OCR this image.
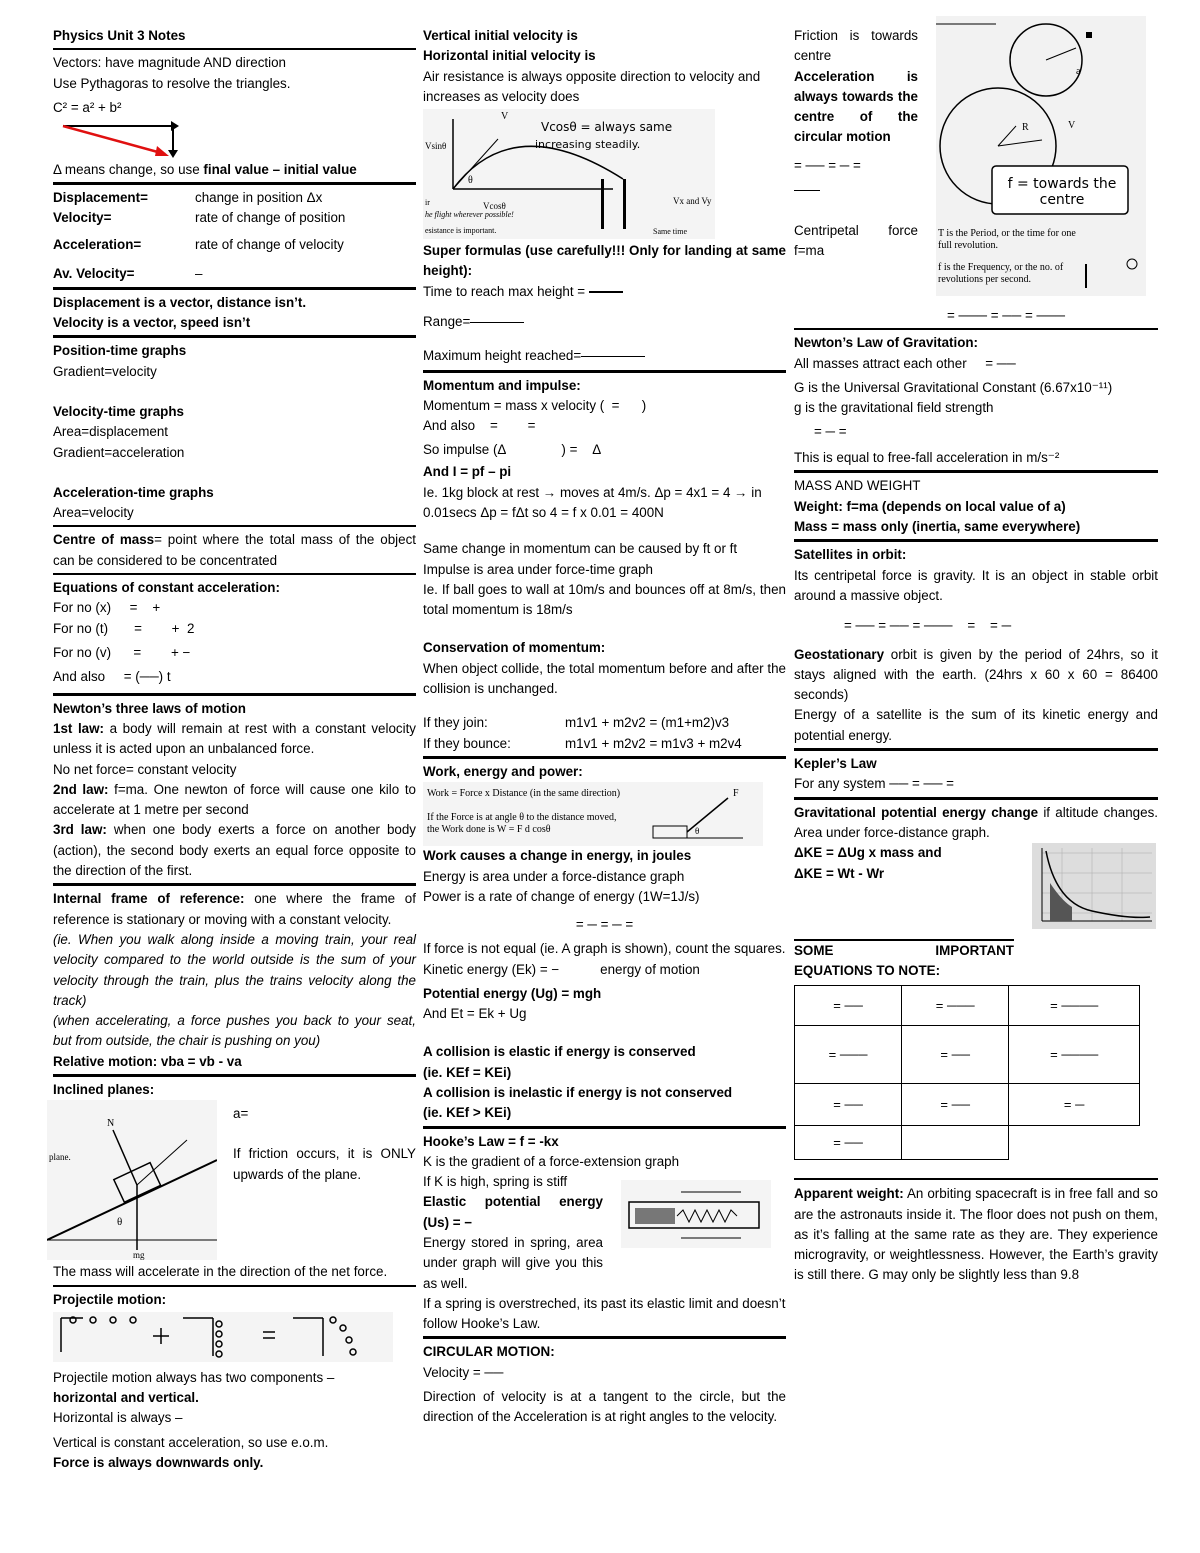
Physics Unit 3 Notes
Vectors: have magnitude AND direction
Use Pythagoras to resolve the triangles.
C² = a² + b²
Δ means change, so use final value – initial value
Displacement=	change in position Δx
Velocity=	rate of change of position
Acceleration=	rate of change of velocity
Av. Velocity=	–
Displacement is a vector, distance isn’t.
Velocity is a vector, speed isn’t
Position-time graphs
Gradient=velocity
Velocity-time graphs
Area=displacement
Gradient=acceleration
Acceleration-time graphs
Area=velocity
Centre of mass= point where the total mass of the object can be considered to be concentrated
Equations of constant acceleration:
For no (x)     =    +
For no (t)       =        +  2
For no (v)      =        + −
And also     = (──) t
Newton’s three laws of motion
1st law: a body will remain at rest with a constant velocity unless it is acted upon an unbalanced force.
No net force= constant velocity
2nd law: f=ma. One newton of force will cause one kilo to accelerate at 1 metre per second
3rd law: when one body exerts a force on another body (action), the second body exerts an equal force opposite to the direction of the first.
Internal frame of reference: one where the frame of reference is stationary or moving with a constant velocity.
(ie. When you walk along inside a moving train, your real velocity compared to the world outside is the sum of your velocity through the train, plus the trains velocity along the track)
(when accelerating, a force pushes you back to your seat, but from outside, the chair is pushing on you)
Relative motion: vba = vb - va
Inclined planes:
N
mg
θ
plane.
a=
If friction occurs, it is ONLY upwards of the plane.
The mass will accelerate in the direction of the net force.
Projectile motion:
Projectile motion always has two components –
horizontal and vertical.
Horizontal is always –
Vertical is constant acceleration, so use e.o.m.
Force is always downwards only.
Vertical initial velocity is
Horizontal initial velocity is
Air resistance is always opposite direction to velocity and increases as velocity does
Vsinθ
Vcosθ
θ
V
ir
he flight wherever possible!
esistance is important.
Vx and Vy
Same time
Vcosθ = always same
increasing steadily.
Super formulas (use carefully!!! Only for landing at same height):
Time to reach max height =
Range=
Maximum height reached=
Momentum and impulse:
Momentum = mass x velocity (  =      )
And also    =        =
So impulse (Δ               ) =    Δ
And I = pf – pi
Ie. 1kg block at rest → moves at 4m/s. Δp = 4x1 = 4 → in 0.01secs Δp = fΔt so 4 = f x 0.01 = 400N
Same change in momentum can be caused by ft or ft
Impulse is area under force-time graph
Ie. If ball goes to wall at 10m/s and bounces off at 8m/s, then total momentum is 18m/s
Conservation of momentum:
When object collide, the total momentum before and after the collision is unchanged.
If they join:	m1v1 + m2v2 = (m1+m2)v3
If they bounce:	m1v1 + m2v2 = m1v3 + m2v4
Work, energy and power:
Work = Force x Distance (in the same direction)
If the Force is at angle θ to the distance moved,
the Work done is W = F d cosθ
F
θ
Work causes a change in energy, in joules
Energy is area under a force-distance graph
Power is a rate of change of energy (1W=1J/s)
= ─ = ─ =
If force is not equal (ie. A graph is shown), count the squares.
Kinetic energy (Ek) = −           energy of motion
Potential energy (Ug) = mgh
And Et = Ek + Ug
A collision is elastic if energy is conserved
(ie. KEf = KEi)
A collision is inelastic if energy is not conserved
(ie. KEf > KEi)
Hooke’s Law = f = -kx
K is the gradient of a force-extension graph
If K is high, spring is stiff
Elastic potential energy (Us) = −
Energy stored in spring, area under graph will give you this as well.
If a spring is overstreched, its past its elastic limit and doesn’t follow Hooke’s Law.
CIRCULAR MOTION:
Velocity = ──
Direction of velocity is at a tangent to the circle, but the direction of the Acceleration is at right angles to the velocity.
Friction is towards centre
Acceleration is always towards the centre of the circular motion
= ── = ─ =
Centripetal force f=ma
a
R	V
f = towards the centre
T is the Period, or the time for one full revolution.
f is the Frequency, or the no. of revolutions per second.
= ─── = ── = ───
Newton’s Law of Gravitation:
All masses attract each other     = ──
G is the Universal Gravitational Constant (6.67x10⁻¹¹)
g is the gravitational field strength
= ─ =
This is equal to free-fall acceleration in m/s⁻²
MASS AND WEIGHT
Weight: f=ma (depends on local value of a)
Mass = mass only (inertia, same everywhere)
Satellites in orbit:
Its centripetal force is gravity. It is an object in stable orbit around a massive object.
= ── = ── = ───    =    = ─
Geostationary orbit is given by the period of 24hrs, so it stays aligned with the earth. (24hrs x 60 x 60 = 86400 seconds)
Energy of a satellite is the sum of its kinetic energy and potential energy.
Kepler’s Law
For any system ── = ── =
Gravitational potential energy change if altitude changes. Area under force-distance graph.
ΔKE = ΔUg x mass and
ΔKE = Wt - Wr
SOME	IMPORTANT
EQUATIONS TO NOTE:
= ──	= ───	= ────
= ───	= ──	= ────
= ──	= ──	= ─
= ──		
Apparent weight: An orbiting spacecraft is in free fall and so are the astronauts inside it. The floor does not push on them, as it’s falling at the same rate as they are. They experience microgravity, or weightlessness. However, the Earth’s gravity is still there. G may only be slightly less than 9.8
